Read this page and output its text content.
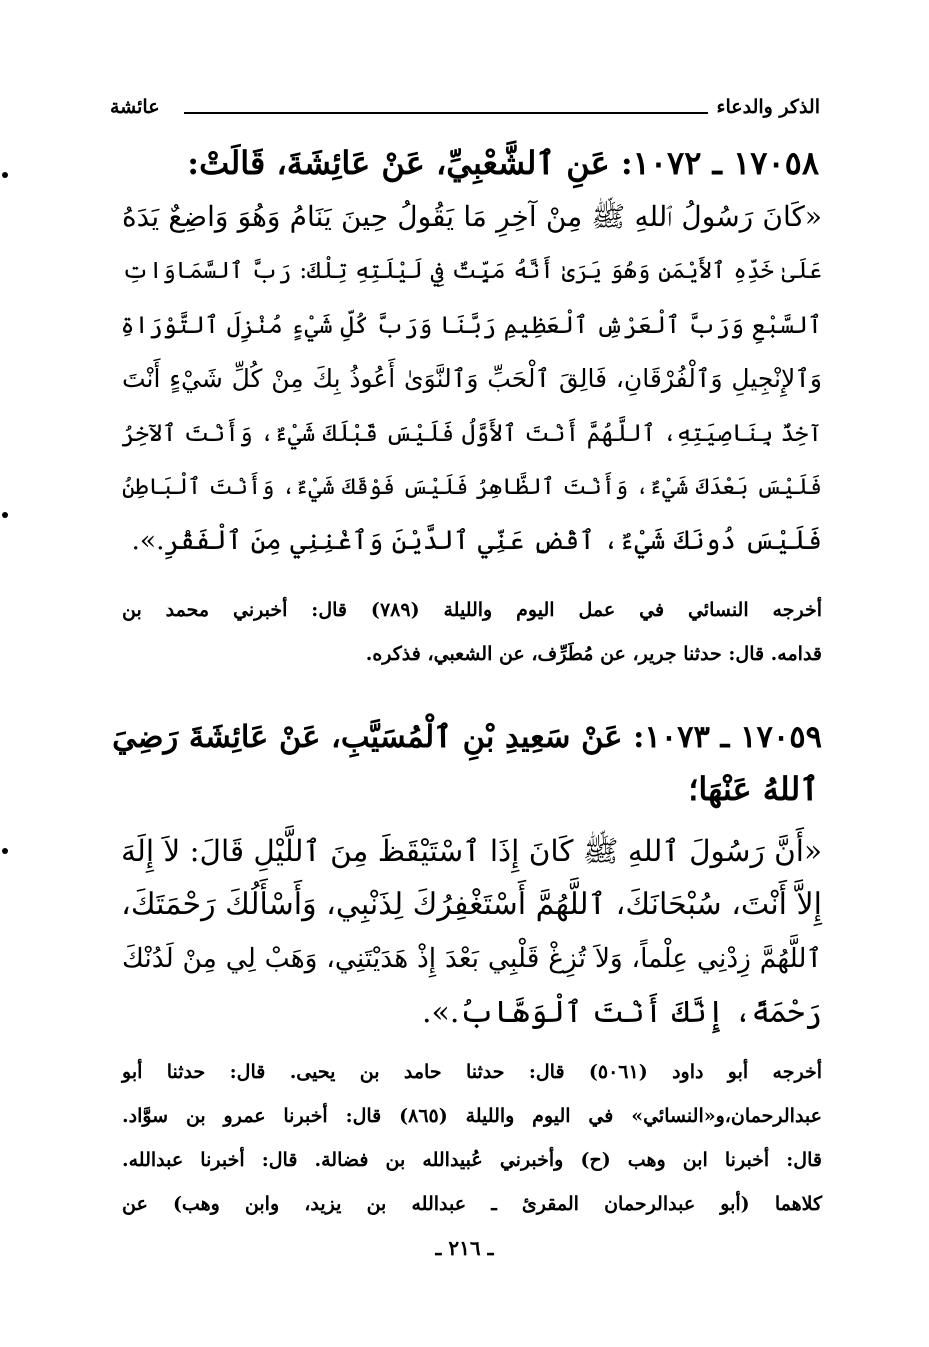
الذكر والدعاء
عائشة
١٧٠٥٨ ـ ١٠٧٢: عَنِ ٱلشَّعْبِيِّ، عَنْ عَائِشَةَ، قَالَتْ:
«كَانَ رَسُولُ ٱللهِ ﷺ مِنْ آخِرِ مَا يَقُولُ حِينَ يَنَامُ وَهُوَ وَاضِعٌ يَدَهُ
عَلَىٰ خَدِّهِ ٱلأَيْمَنِ وَهُوَ يَرَىٰ أَنَّهُ مَيِّتٌ فِي لَيْلَتِهِ تِلْكَ: رَبَّ ٱلسَّمَاوَاتِ
ٱلسَّبْعِ وَرَبَّ ٱلْعَرْشِ ٱلْعَظِيمِ رَبَّنَا وَرَبَّ كُلِّ شَيْءٍ مُنْزِلَ ٱلتَّوْرَاةِ
وَٱلإِنْجِيلِ وَٱلْفُرْقَانِ، فَالِقَ ٱلْحَبِّ وَٱلنَّوَىٰ أَعُوذُ بِكَ مِنْ كُلِّ شَيْءٍ أَنْتَ
آخِذٌ بِنَاصِيَتِهِ، ٱللَّهُمَّ أَنْتَ ٱلأَوَّلُ فَلَيْسَ قَبْلَكَ شَيْءٌ، وَأَنْتَ ٱلآخِرُ
فَلَيْسَ بَعْدَكَ شَيْءٌ، وَأَنْتَ ٱلظَّاهِرُ فَلَيْسَ فَوْقَكَ شَيْءٌ، وَأَنْتَ ٱلْبَاطِنُ
فَلَيْسَ دُونَكَ شَيْءٌ، ٱقْضِ عَنِّي ٱلدَّيْنَ وَٱغْنِنِي مِنَ ٱلْفَقْرِ.».
أخرجه النسائي في عمل اليوم والليلة (٧٨٩) قال: أخبرني محمد بن
قدامه. قال: حدثنا جرير، عن مُطَرِّف، عن الشعبي، فذكره.
١٧٠٥٩ ـ ١٠٧٣: عَنْ سَعِيدِ بْنِ ٱلْمُسَيَّبِ، عَنْ عَائِشَةَ رَضِيَ
ٱللهُ عَنْهَا؛
«أَنَّ رَسُولَ ٱللهِ ﷺ كَانَ إِذَا ٱسْتَيْقَظَ مِنَ ٱللَّيْلِ قَالَ: لاَ إِلَهَ
إِلاَّ أَنْتَ، سُبْحَانَكَ، ٱللَّهُمَّ أَسْتَغْفِرُكَ لِذَنْبِي، وَأَسْأَلُكَ رَحْمَتَكَ،
ٱللَّهُمَّ زِدْنِي عِلْماً، وَلاَ تُزِغْ قَلْبِي بَعْدَ إِذْ هَدَيْتَنِي، وَهَبْ لِي مِنْ لَدُنْكَ
رَحْمَةً، إِنَّكَ أَنْتَ ٱلْوَهَّابُ.».
أخرجه أبو داود (٥٠٦١) قال: حدثنا حامد بن يحيى. قال: حدثنا أبو
عبدالرحمان،و«النسائي» في اليوم والليلة (٨٦٥) قال: أخبرنا عمرو بن سوَّاد.
قال: أخبرنا ابن وهب (ح) وأخبرني عُبيدالله بن فضالة. قال: أخبرنا عبدالله.
كلاهما (أبو عبدالرحمان المقرئ ـ عبدالله بن يزيد، وابن وهب) عن
ـ ٢١٦ ـ
